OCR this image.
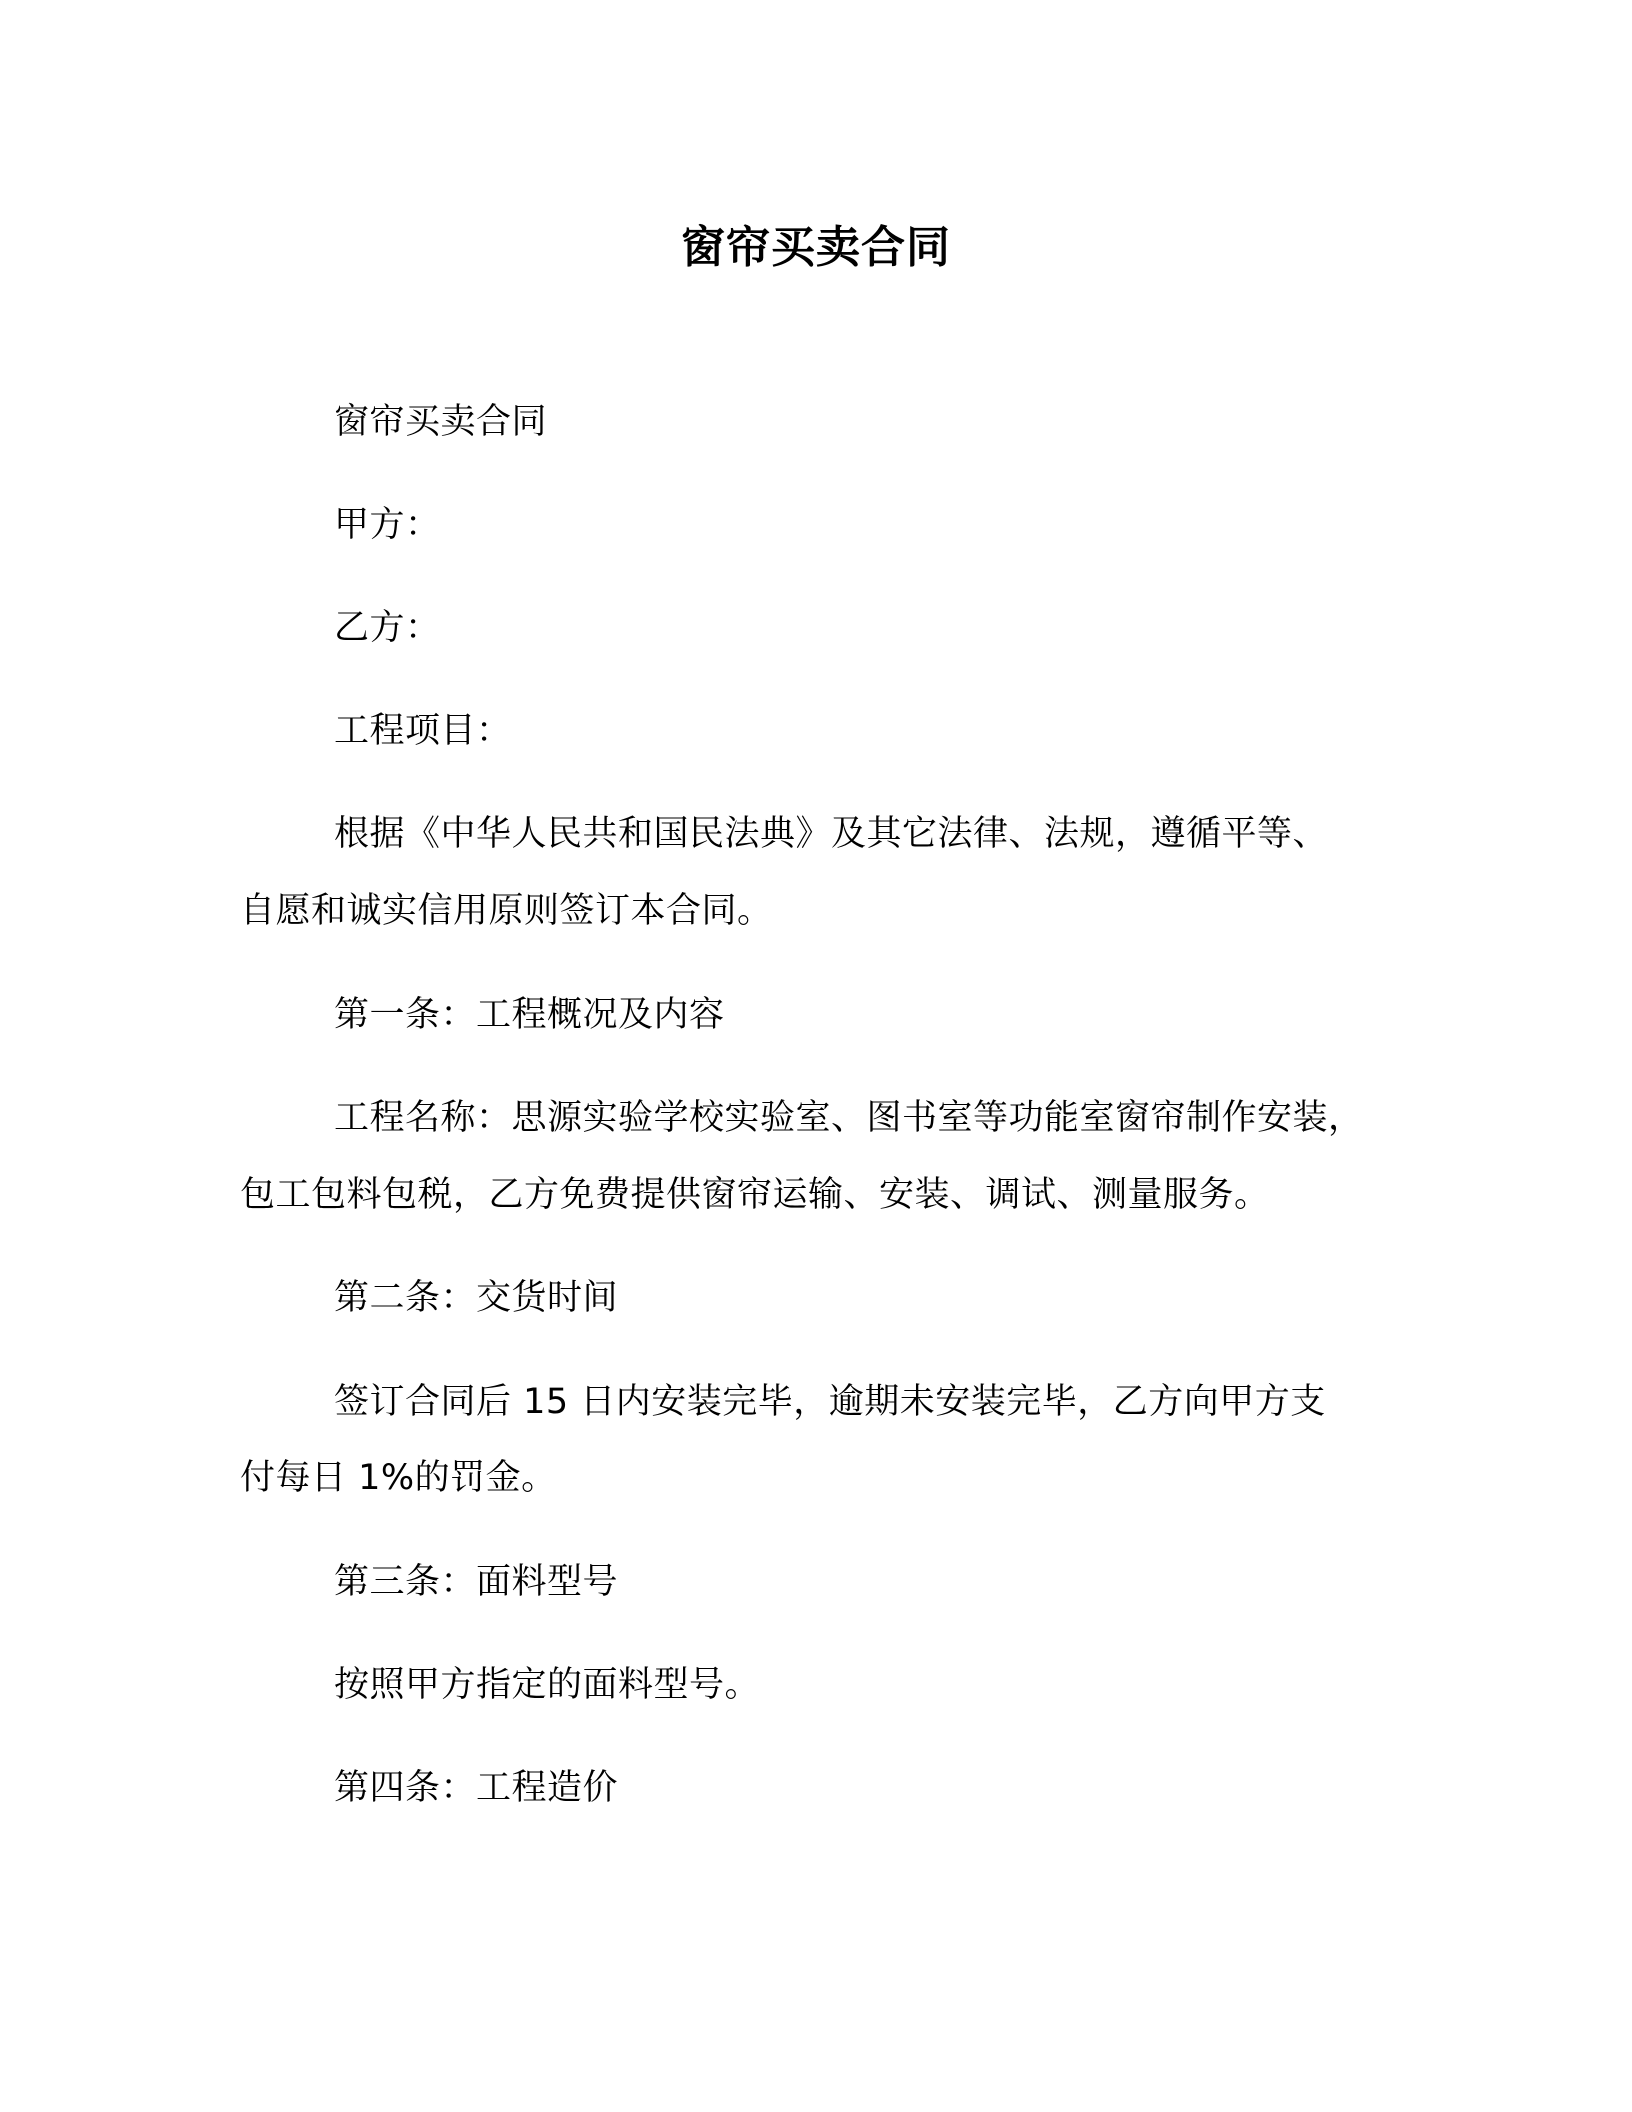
窗帘买卖合同
窗帘买卖合同
甲方：
乙方：
工程项目：
根据《中华人民共和国民法典》及其它法律、法规，遵循平等、
自愿和诚实信用原则签订本合同。
第一条：工程概况及内容
工程名称：思源实验学校实验室、图书室等功能室窗帘制作安装，
包工包料包税，乙方免费提供窗帘运输、安装、调试、测量服务。
第二条：交货时间
签订合同后 15 日内安装完毕，逾期未安装完毕，乙方向甲方支
付每日 1%的罚金。
第三条：面料型号
按照甲方指定的面料型号。
第四条：工程造价
